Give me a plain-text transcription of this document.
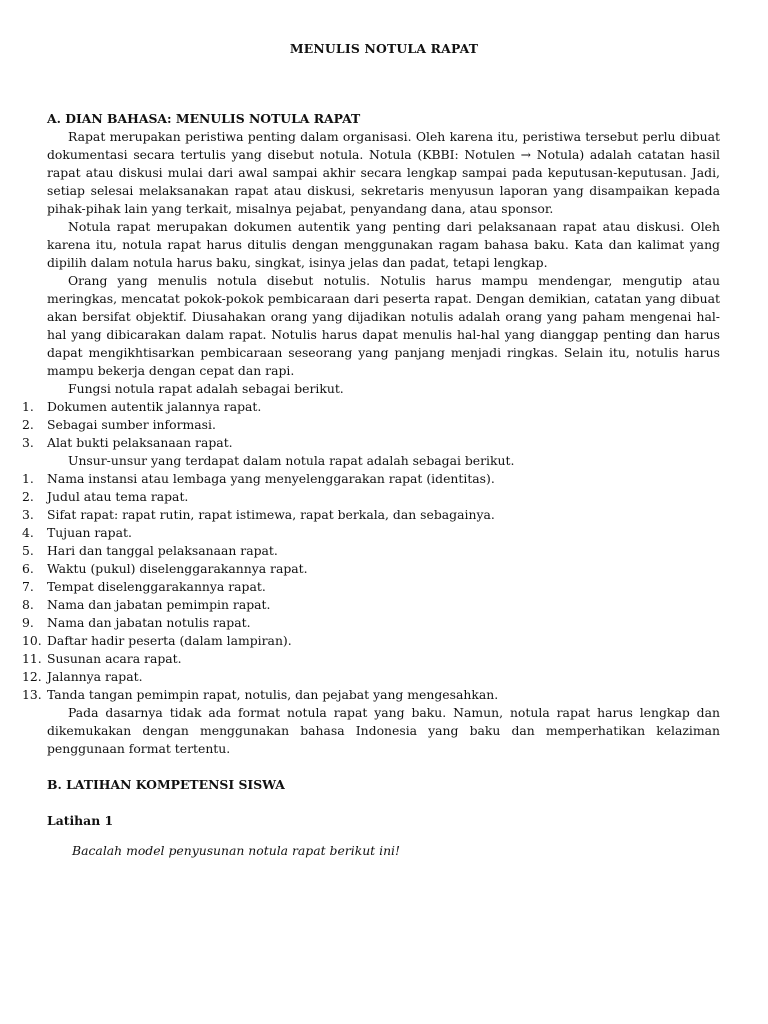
MENULIS NOTULA RAPAT
A. DIAN BAHASA: MENULIS NOTULA RAPAT

Rapat merupakan peristiwa penting dalam organisasi. Oleh karena itu, peristiwa tersebut perlu dibuat dokumentasi secara tertulis yang disebut notula. Notula (KBBI: Notulen → Notula) adalah catatan hasil rapat atau diskusi mulai dari awal sampai akhir secara lengkap sampai pada keputusan-keputusan. Jadi, setiap selesai melaksanakan rapat atau diskusi, sekretaris menyusun laporan yang disampaikan kepada pihak-pihak lain yang terkait, misalnya pejabat, penyandang dana, atau sponsor.

Notula rapat merupakan dokumen autentik yang penting dari pelaksanaan rapat atau diskusi. Oleh karena itu, notula rapat harus ditulis dengan menggunakan ragam bahasa baku. Kata dan kalimat yang dipilih dalam notula harus baku, singkat, isinya jelas dan padat, tetapi lengkap.

Orang yang menulis notula disebut notulis. Notulis harus mampu mendengar, mengutip atau meringkas, mencatat pokok-pokok pembicaraan dari peserta rapat. Dengan demikian, catatan yang dibuat akan bersifat objektif. Diusahakan orang yang dijadikan notulis adalah orang yang paham mengenai hal-hal yang dibicarakan dalam rapat. Notulis harus dapat menulis hal-hal yang dianggap penting dan harus dapat mengikhtisarkan pembicaraan seseorang yang panjang menjadi ringkas. Selain itu, notulis harus mampu bekerja dengan cepat dan rapi.

Fungsi notula rapat adalah sebagai berikut.
1.	Dokumen autentik jalannya rapat.
2.	Sebagai sumber informasi.
3.	Alat bukti pelaksanaan rapat.
Unsur-unsur yang terdapat dalam notula rapat adalah sebagai berikut.
1.	Nama instansi atau lembaga yang menyelenggarakan rapat (identitas).
2.	Judul atau tema rapat.
3.	Sifat rapat: rapat rutin, rapat istimewa, rapat berkala, dan sebagainya.
4.	Tujuan rapat.
5.	Hari dan tanggal pelaksanaan rapat.
6.	Waktu (pukul) diselenggarakannya rapat.
7.	Tempat diselenggarakannya rapat.
8.	Nama dan jabatan pemimpin rapat.
9.	Nama dan jabatan notulis rapat.
10. Daftar hadir peserta (dalam lampiran).
11. Susunan acara rapat.
12. Jalannya rapat.
13. Tanda tangan pemimpin rapat, notulis, dan pejabat yang mengesahkan.

Pada dasarnya tidak ada format notula rapat yang baku. Namun, notula rapat harus lengkap dan dikemukakan dengan menggunakan bahasa Indonesia yang baku dan memperhatikan kelaziman penggunaan format tertentu.

B. LATIHAN KOMPETENSI SISWA
Latihan 1
Bacalah model penyusunan notula rapat berikut ini!
